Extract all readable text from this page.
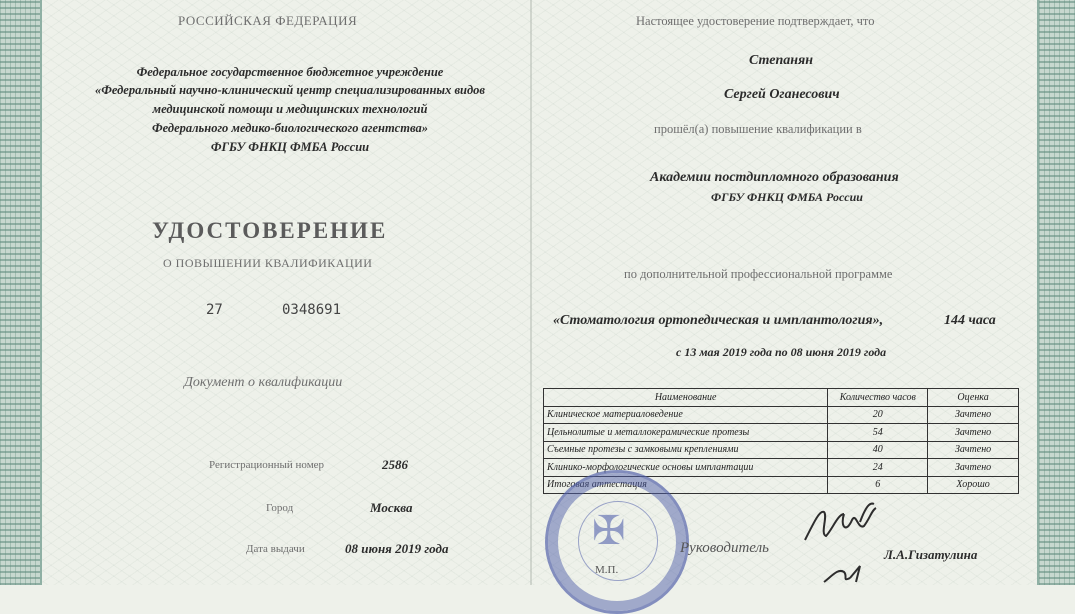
РОССИЙСКАЯ ФЕДЕРАЦИЯ
Федеральное государственное бюджетное учреждение
«Федеральный научно-клинический центр специализированных видов
медицинской помощи и медицинских технологий
Федерального медико-биологического агентства»
ФГБУ ФНКЦ ФМБА России
УДОСТОВЕРЕНИЕ
О ПОВЫШЕНИИ КВАЛИФИКАЦИИ
27	0348691
Документ о квалификации
Регистрационный номер	2586
Город	Москва
Дата выдачи	08 июня 2019 года
Настоящее удостоверение подтверждает, что
Степанян
Сергей Оганесович
прошёл(а) повышение квалификации в
Академии постдипломного образования
ФГБУ ФНКЦ ФМБА России
по дополнительной профессиональной программе
«Стоматология ортопедическая и имплантология»,	144 часа
с 13 мая 2019 года по 08 июня 2019 года
Наименование	Количество часов	Оценка
Клиническое материаловедение	20	Зачтено
Цельнолитые и металлокерамические протезы	54	Зачтено
Съемные протезы с замковыми креплениями	40	Зачтено
Клинико-морфологические основы имплантации	24	Зачтено
Итоговая аттестация	6	Хорошо
✠
М.П.
Руководитель	Л.А.Гизатулина
